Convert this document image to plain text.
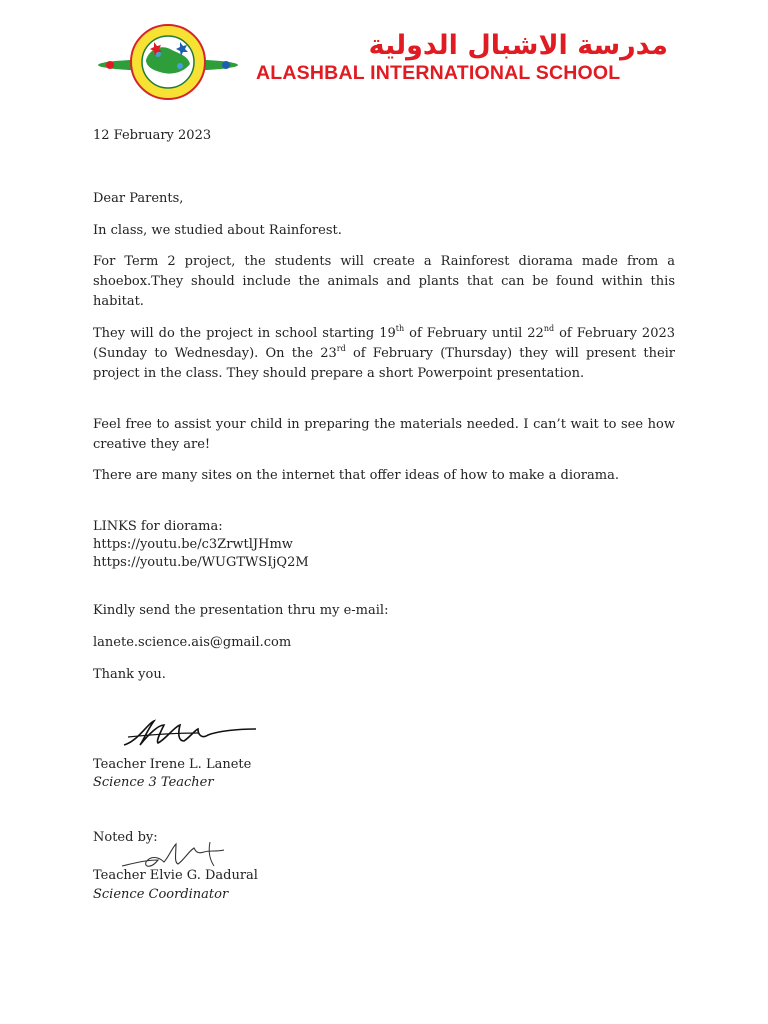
مدرسة الاشبال الدولية
ALASHBAL INTERNATIONAL SCHOOL
12 February 2023
Dear Parents,
In class, we studied about Rainforest.
For Term 2 project, the students will create a Rainforest diorama made from a shoebox.They should include the animals and plants that can be found within this habitat.
They will do the project in school starting 19th of February until 22nd of February 2023 (Sunday to Wednesday). On the 23rd of February (Thursday) they will present their project in the class. They should prepare a short Powerpoint presentation.
Feel free to assist your child in preparing the materials needed. I can’t wait to see how creative they are!
There are many sites on the internet that offer ideas of how to make a diorama.
LINKS for diorama:
https://youtu.be/c3ZrwtlJHmw
https://youtu.be/WUGTWSIjQ2M
Kindly send the presentation thru my e-mail:
lanete.science.ais@gmail.com
Thank you.
Teacher Irene L. Lanete
Science 3 Teacher
Noted by:
Teacher Elvie G. Dadural
Science Coordinator
